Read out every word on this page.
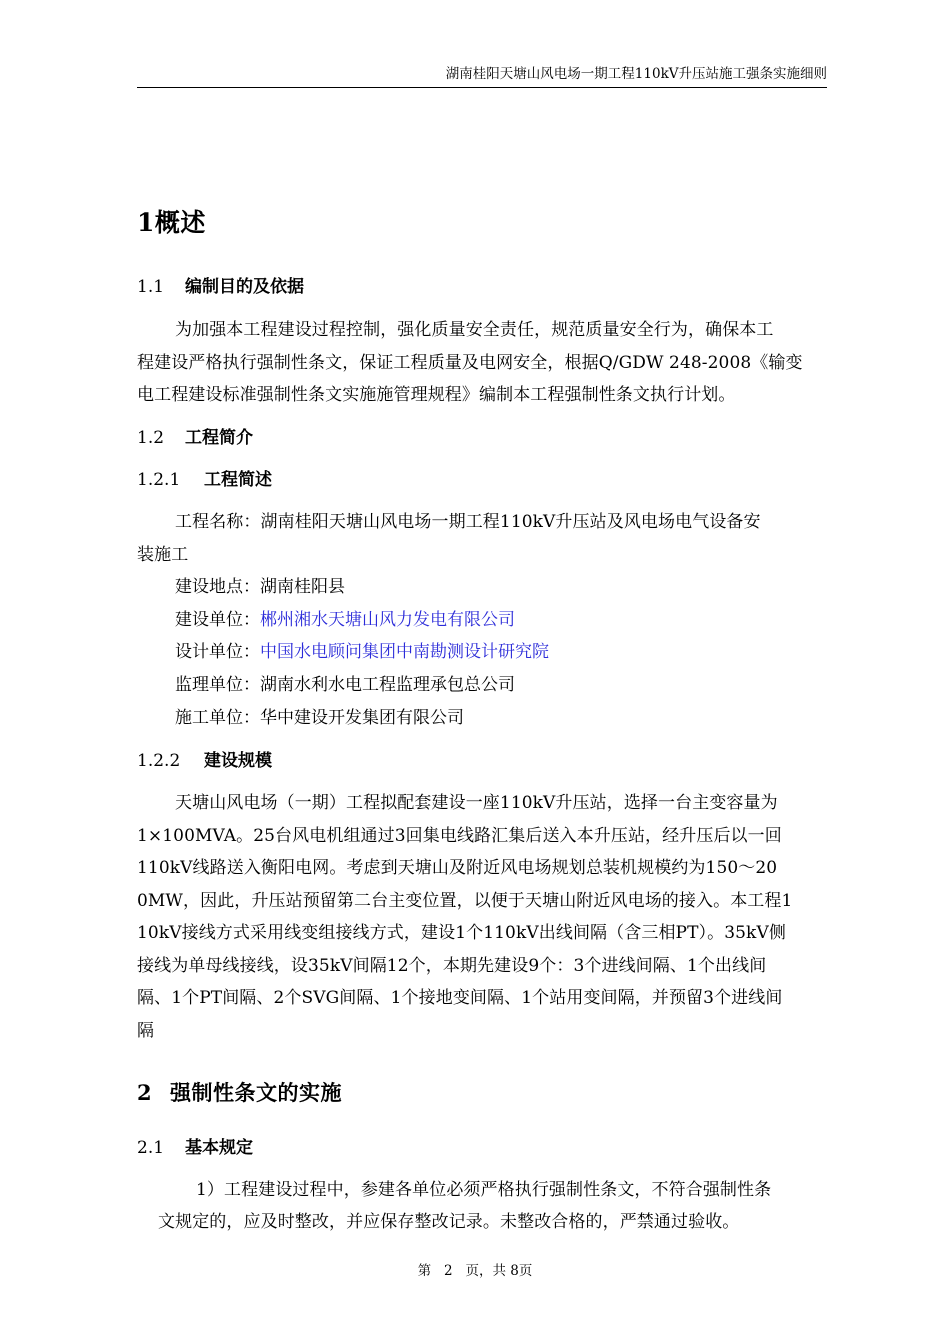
湖南桂阳天塘山风电场一期工程110kV升压站施工强条实施细则
1概述
1.1 编制目的及依据
为加强本工程建设过程控制，强化质量安全责任，规范质量安全行为，确保本工
程建设严格执行强制性条文，保证工程质量及电网安全，根据Q/GDW 248-2008《输变
电工程建设标准强制性条文实施施管理规程》编制本工程强制性条文执行计划。
1.2 工程简介
1.2.1 工程简述
工程名称：湖南桂阳天塘山风电场一期工程110kV升压站及风电场电气设备安
装施工
建设地点：湖南桂阳县
建设单位：郴州湘水天塘山风力发电有限公司
设计单位：中国水电顾问集团中南勘测设计研究院
监理单位：湖南水利水电工程监理承包总公司
施工单位：华中建设开发集团有限公司
1.2.2 建设规模
天塘山风电场（一期）工程拟配套建设一座110kV升压站，选择一台主变容量为
1×100MVA。25台风电机组通过3回集电线路汇集后送入本升压站，经升压后以一回
110kV线路送入衡阳电网。考虑到天塘山及附近风电场规划总装机规模约为150～20
0MW，因此，升压站预留第二台主变位置，以便于天塘山附近风电场的接入。本工程1
10kV接线方式采用线变组接线方式，建设1个110kV出线间隔（含三相PT）。35kV侧
接线为单母线接线，设35kV间隔12个，本期先建设9个：3个进线间隔、1个出线间
隔、1个PT间隔、2个SVG间隔、1个接地变间隔、1个站用变间隔，并预留3个进线间
隔
2 强制性条文的实施
2.1 基本规定
1）工程建设过程中，参建各单位必须严格执行强制性条文，不符合强制性条
文规定的，应及时整改，并应保存整改记录。未整改合格的，严禁通过验收。
第   2   页，共 8页
